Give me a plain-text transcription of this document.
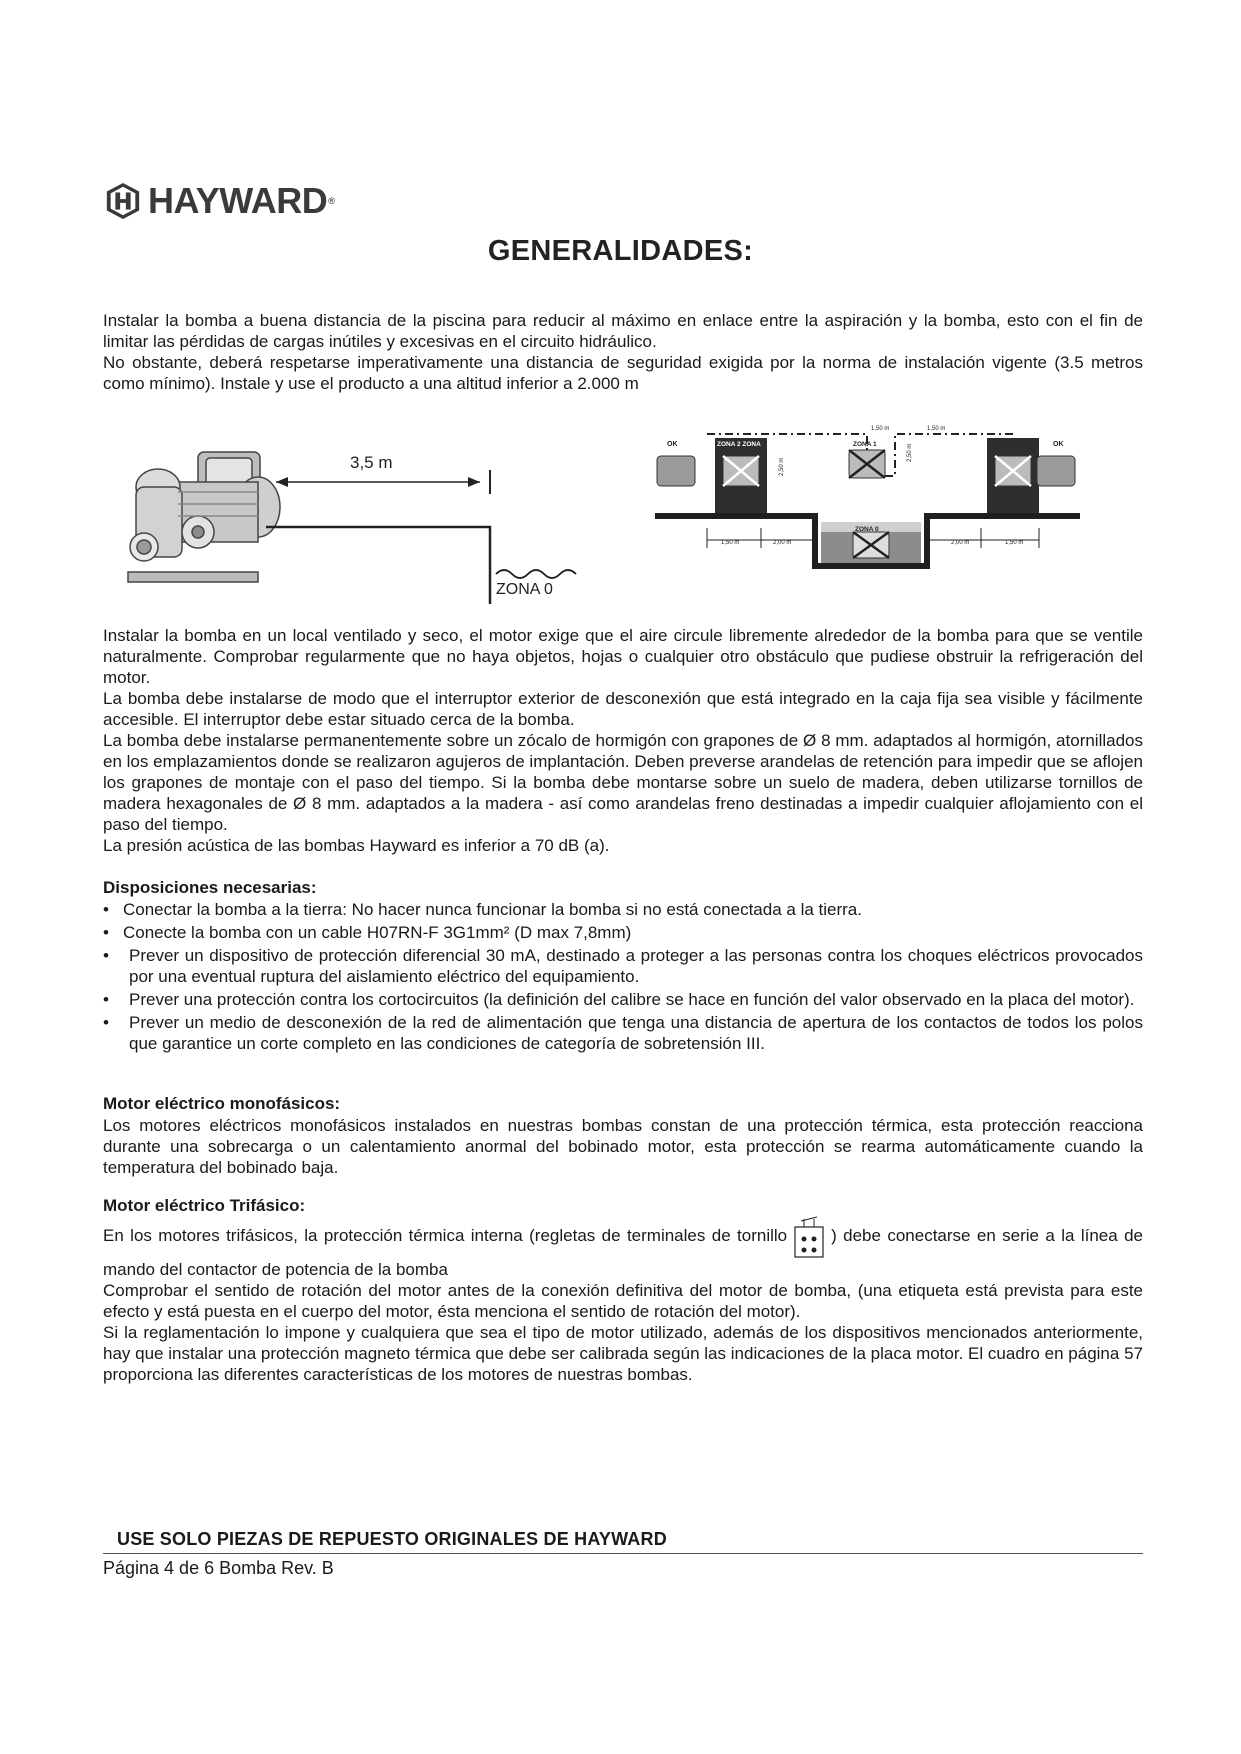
HAYWARD ®
GENERALIDADES:

Instalar la bomba a buena distancia de la piscina para reducir al máximo en enlace entre la aspiración y la bomba, esto con el fin de limitar las pérdidas de cargas inútiles y excesivas en el circuito hidráulico.

No obstante, deberá respetarse imperativamente una distancia de seguridad exigida por la norma de instalación vigente (3.5 metros como mínimo). Instale y use el producto a una altitud inferior a 2.000 m

3,5 m
ZONA 0
OK	OK
ZONA 2 ZONA	ZONA 1
ZONA 0
1,50 m	1,50 m
2,50 m
2,50 m
1,50 m	2,00 m	2,00 m	1,50 m

Instalar la bomba en un local ventilado y seco, el motor exige que el aire circule libremente alrededor de la bomba para que se ventile naturalmente. Comprobar regularmente que no haya objetos, hojas o cualquier otro obstáculo que pudiese obstruir la refrigeración del motor.

La bomba debe instalarse de modo que el interruptor exterior de desconexión que está integrado en la caja fija sea visible y fácilmente accesible. El interruptor debe estar situado cerca de la bomba.

La bomba debe instalarse permanentemente sobre un zócalo de hormigón con grapones de Ø 8 mm. adaptados al hormigón, atornillados en los emplazamientos donde se realizaron agujeros de implantación. Deben preverse arandelas de retención para impedir que se aflojen los grapones de montaje con el paso del tiempo. Si la bomba debe montarse sobre un suelo de madera, deben utilizarse tornillos de madera hexagonales de Ø 8 mm. adaptados a la madera - así como arandelas freno destinadas a impedir cualquier aflojamiento con el paso del tiempo.

La presión acústica de las bombas Hayward es inferior a 70 dB (a).

Disposiciones necesarias:
• Conectar la bomba a la tierra: No hacer nunca funcionar la bomba si no está conectada a la tierra.
• Conecte la bomba con un cable H07RN-F 3G1mm² (D max 7,8mm)
•	Prever un dispositivo de protección diferencial 30 mA, destinado a proteger a las personas contra los choques eléctricos provocados por una eventual ruptura del aislamiento eléctrico del equipamiento.
•	Prever una protección contra los cortocircuitos (la definición del calibre se hace en función del valor observado en la placa del motor).
•	Prever un medio de desconexión de la red de alimentación que tenga una distancia de apertura de los contactos de todos los polos que garantice un corte completo en las condiciones de categoría de sobretensión III.
Motor eléctrico monofásicos:

Los motores eléctricos monofásicos instalados en nuestras bombas constan de una protección térmica, esta protección reacciona durante una sobrecarga o un calentamiento anormal del bobinado motor, esta protección se rearma automáticamente cuando la temperatura del bobinado baja.

Motor eléctrico Trifásico:

En los motores trifásicos, la protección térmica interna (regletas de terminales de tornillo	) debe conectarse en serie a la línea de mando del contactor de potencia de la bomba

Comprobar el sentido de rotación del motor antes de la conexión definitiva del motor de bomba, (una etiqueta está prevista para este efecto y está puesta en el cuerpo del motor, ésta menciona el sentido de rotación del motor).

Si la reglamentación lo impone y cualquiera que sea el tipo de motor utilizado, además de los dispositivos mencionados anteriormente, hay que instalar una protección magneto térmica que debe ser calibrada según las indicaciones de la placa motor. El cuadro en página 57 proporciona las diferentes características de los motores de nuestras bombas.

USE SOLO PIEZAS DE REPUESTO ORIGINALES DE HAYWARD
Página 4 de 6 Bomba Rev. B
